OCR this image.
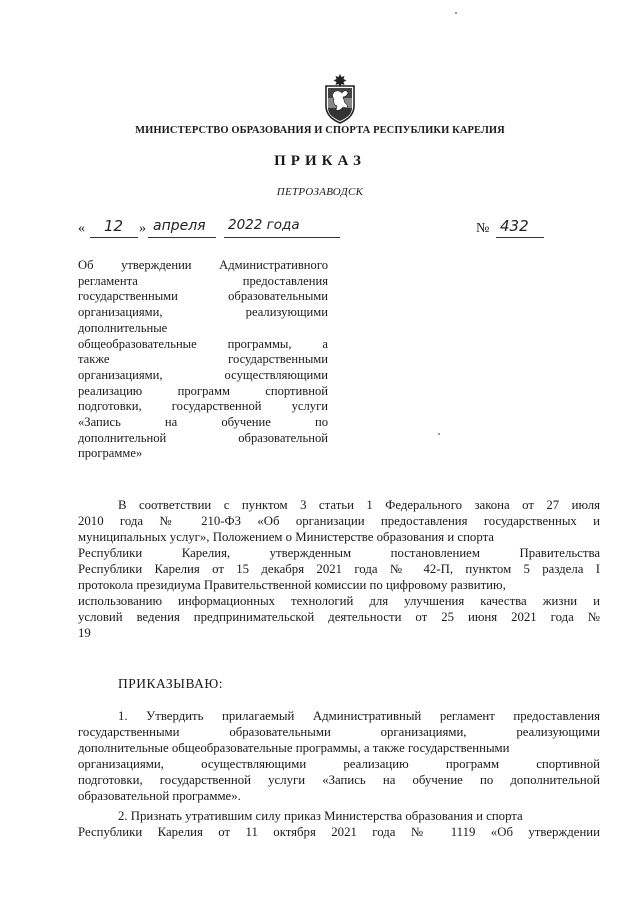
МИНИСТЕРСТВО ОБРАЗОВАНИЯ И СПОРТА РЕСПУБЛИКИ КАРЕЛИЯ
ПРИКАЗ
ПЕТРОЗАВОДСК
« 12 » апреля 2022 года	№ 432
Об утверждении Административного
регламента предоставления
государственными образовательными
организациями, реализующими
дополнительные
общеобразовательные программы, а
также государственными
организациями, осуществляющими
реализацию программ спортивной
подготовки, государственной услуги
«Запись на обучение по
дополнительной образовательной
программе»
В соответствии с пунктом 3 статьи 1 Федерального закона от 27 июля
2010 года № 210-ФЗ «Об организации предоставления государственных и
муниципальных услуг», Положением о Министерстве образования и спорта
Республики Карелия, утвержденным постановлением Правительства
Республики Карелия от 15 декабря 2021 года № 42-П, пунктом 5 раздела I
протокола президиума Правительственной комиссии по цифровому развитию,
использованию информационных технологий для улучшения качества жизни и
условий ведения предпринимательской деятельности от 25 июня 2021 года №
19
ПРИКАЗЫВАЮ:
1. Утвердить прилагаемый Административный регламент предоставления
государственными образовательными организациями, реализующими
дополнительные общеобразовательные программы, а также государственными
организациями, осуществляющими реализацию программ спортивной
подготовки, государственной услуги «Запись на обучение по дополнительной
образовательной программе».
2. Признать утратившим силу приказ Министерства образования и спорта
Республики Карелия от 11 октября 2021 года № 1119 «Об утверждении
